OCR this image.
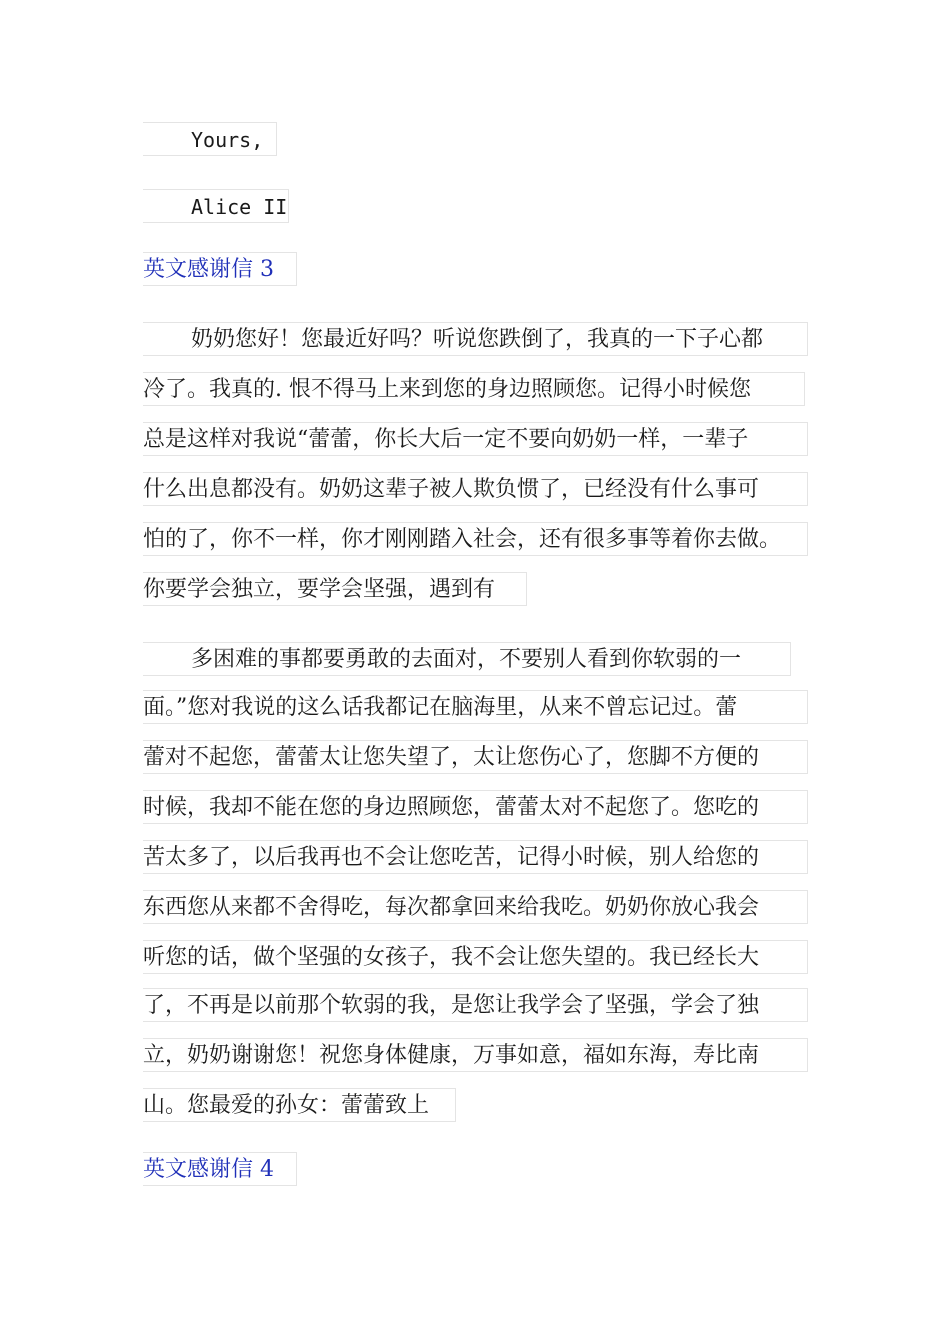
Yours,
Alice II
英文感谢信 3
奶奶您好！您最近好吗？听说您跌倒了，我真的一下子心都
冷了。我真的. 恨不得马上来到您的身边照顾您。记得小时候您
总是这样对我说“蕾蕾，你长大后一定不要向奶奶一样，一辈子
什么出息都没有。奶奶这辈子被人欺负惯了，已经没有什么事可
怕的了，你不一样，你才刚刚踏入社会，还有很多事等着你去做。
你要学会独立，要学会坚强，遇到有
多困难的事都要勇敢的去面对，不要别人看到你软弱的一
面。”您对我说的这么话我都记在脑海里，从来不曾忘记过。蕾
蕾对不起您，蕾蕾太让您失望了，太让您伤心了，您脚不方便的
时候，我却不能在您的身边照顾您，蕾蕾太对不起您了。您吃的
苦太多了，以后我再也不会让您吃苦，记得小时候，别人给您的
东西您从来都不舍得吃，每次都拿回来给我吃。奶奶你放心我会
听您的话，做个坚强的女孩子，我不会让您失望的。我已经长大
了，不再是以前那个软弱的我，是您让我学会了坚强，学会了独
立，奶奶谢谢您！祝您身体健康，万事如意，福如东海，寿比南
山。您最爱的孙女：蕾蕾致上
英文感谢信 4
